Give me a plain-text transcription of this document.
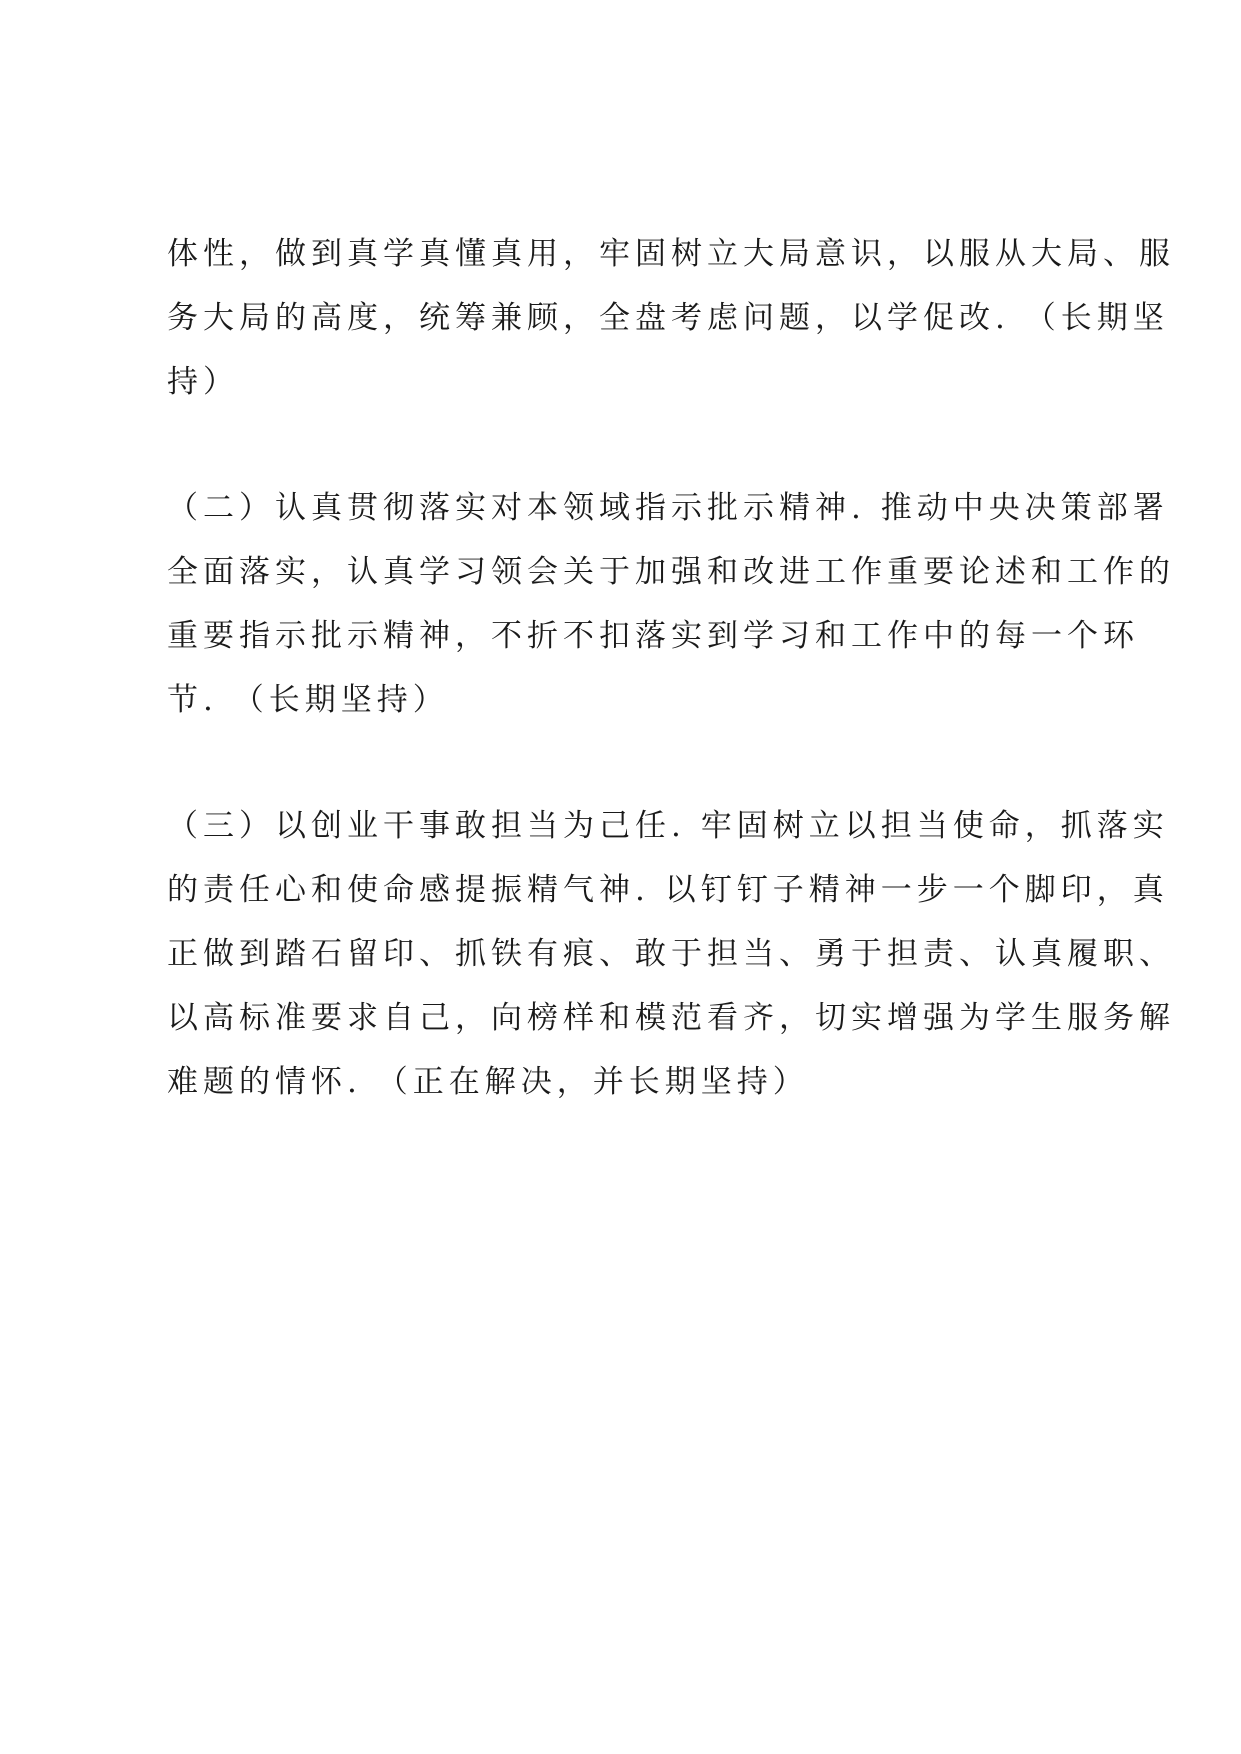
体性，做到真学真懂真用，牢固树立大局意识，以服从大局、服
务大局的高度，统筹兼顾，全盘考虑问题，以学促改. （长期坚
持）

（二）认真贯彻落实对本领域指示批示精神. 推动中央决策部署
全面落实，认真学习领会关于加强和改进工作重要论述和工作的
重要指示批示精神，不折不扣落实到学习和工作中的每一个环
节. （长期坚持）

（三）以创业干事敢担当为己任. 牢固树立以担当使命，抓落实
的责任心和使命感提振精气神. 以钉钉子精神一步一个脚印，真
正做到踏石留印、抓铁有痕、敢于担当、勇于担责、认真履职、
以高标准要求自己，向榜样和模范看齐，切实增强为学生服务解
难题的情怀. （正在解决，并长期坚持）
